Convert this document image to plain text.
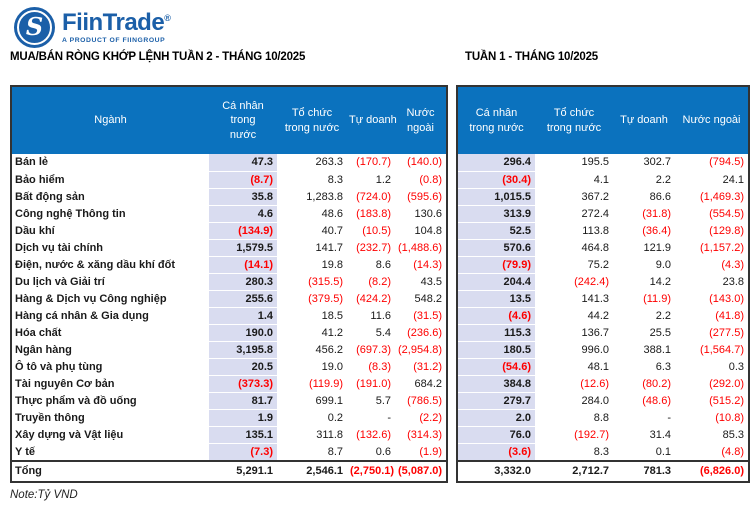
S FiinTrade®
A PRODUCT OF FIINGROUP
MUA/BÁN RÒNG KHỚP LỆNH TUẦN 2 - THÁNG 10/2025	TUẦN 1 - THÁNG 10/2025
Ngành	Cá nhân trong nước	Tổ chức trong nước	Tự doanh	Nước ngoài
Bán lẻ	47.3	263.3	(170.7)	(140.0)
Bảo hiểm	(8.7)	8.3	1.2	(0.8)
Bất động sản	35.8	1,283.8	(724.0)	(595.6)
Công nghệ Thông tin	4.6	48.6	(183.8)	130.6
Dầu khí	(134.9)	40.7	(10.5)	104.8
Dịch vụ tài chính	1,579.5	141.7	(232.7)	(1,488.6)
Điện, nước & xăng dầu khí đốt	(14.1)	19.8	8.6	(14.3)
Du lịch và Giải trí	280.3	(315.5)	(8.2)	43.5
Hàng & Dịch vụ Công nghiệp	255.6	(379.5)	(424.2)	548.2
Hàng cá nhân & Gia dụng	1.4	18.5	11.6	(31.5)
Hóa chất	190.0	41.2	5.4	(236.6)
Ngân hàng	3,195.8	456.2	(697.3)	(2,954.8)
Ô tô và phụ tùng	20.5	19.0	(8.3)	(31.2)
Tài nguyên Cơ bản	(373.3)	(119.9)	(191.0)	684.2
Thực phẩm và đồ uống	81.7	699.1	5.7	(786.5)
Truyền thông	1.9	0.2	-	(2.2)
Xây dựng và Vật liệu	135.1	311.8	(132.6)	(314.3)
Y tế	(7.3)	8.7	0.6	(1.9)
Tổng	5,291.1	2,546.1	(2,750.1)	(5,087.0)
Cá nhân trong nước	Tổ chức trong nước	Tự doanh	Nước ngoài
296.4	195.5	302.7	(794.5)
(30.4)	4.1	2.2	24.1
1,015.5	367.2	86.6	(1,469.3)
313.9	272.4	(31.8)	(554.5)
52.5	113.8	(36.4)	(129.8)
570.6	464.8	121.9	(1,157.2)
(79.9)	75.2	9.0	(4.3)
204.4	(242.4)	14.2	23.8
13.5	141.3	(11.9)	(143.0)
(4.6)	44.2	2.2	(41.8)
115.3	136.7	25.5	(277.5)
180.5	996.0	388.1	(1,564.7)
(54.6)	48.1	6.3	0.3
384.8	(12.6)	(80.2)	(292.0)
279.7	284.0	(48.6)	(515.2)
2.0	8.8	-	(10.8)
76.0	(192.7)	31.4	85.3
(3.6)	8.3	0.1	(4.8)
3,332.0	2,712.7	781.3	(6,826.0)
Note:Tỷ VND
